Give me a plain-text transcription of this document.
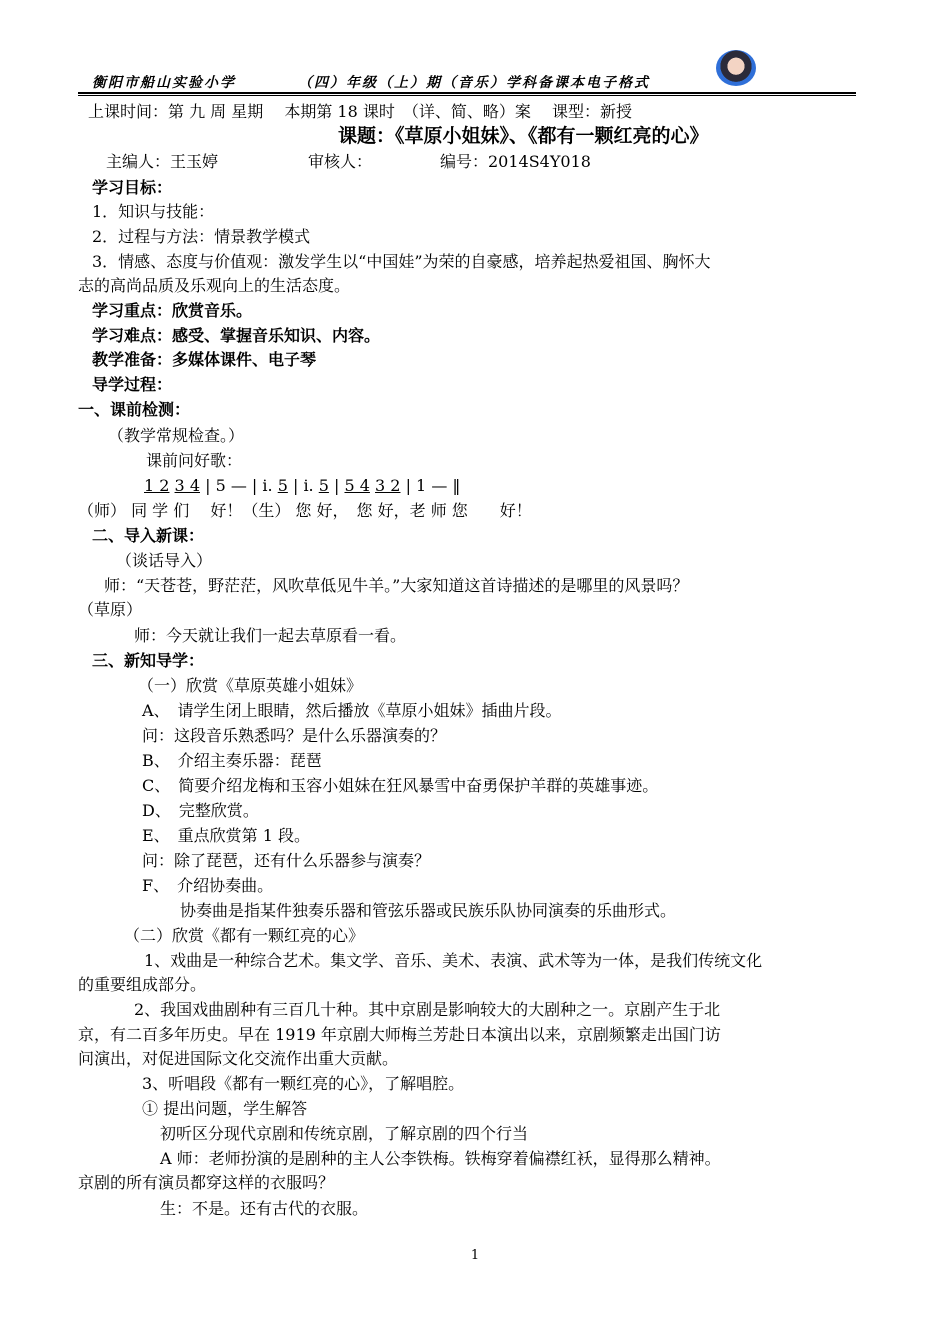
衡阳市船山实验小学	（四）年级（上）期（音乐）学科备课本电子格式
上课时间：第 九 周 星期 　本期第 18 课时　（详、简、略）案　 课型：新授
课题：《草原小姐妹》、《都有一颗红亮的心》
主编人：王玉婷	审核人：	编号：2014S4Y018
学习目标：
1．知识与技能：
2．过程与方法：情景教学模式
3．情感、态度与价值观：激发学生以“中国娃”为荣的自豪感，培养起热爱祖国、胸怀大
志的高尚品质及乐观向上的生活态度。
学习重点：欣赏音乐。
学习难点：感受、掌握音乐知识、内容。
教学准备：多媒体课件、电子琴
导学过程：
一、课前检测：
（教学常规检查。）
课前问好歌：
1 2 3 4 | 5 — | i. 5 | i. 5 | 5 4 3 2 | 1 — ‖
（师） 同 学 们　 好！（生） 您 好，　您 好，老 师 您　　好！
二、导入新课：
（谈话导入）
师：“天苍苍，野茫茫，风吹草低见牛羊。”大家知道这首诗描述的是哪里的风景吗？
（草原）
师：今天就让我们一起去草原看一看。
三、新知导学：
（一）欣赏《草原英雄小姐妹》
A、　请学生闭上眼睛，然后播放《草原小姐妹》插曲片段。
问：这段音乐熟悉吗？是什么乐器演奏的？
B、　介绍主奏乐器：琵琶
C、　简要介绍龙梅和玉容小姐妹在狂风暴雪中奋勇保护羊群的英雄事迹。
D、　完整欣赏。
E、　重点欣赏第 1 段。
问：除了琵琶，还有什么乐器参与演奏？
F、　介绍协奏曲。
协奏曲是指某件独奏乐器和管弦乐器或民族乐队协同演奏的乐曲形式。
（二）欣赏《都有一颗红亮的心》
1、戏曲是一种综合艺术。集文学、音乐、美术、表演、武术等为一体，是我们传统文化
的重要组成部分。
2、我国戏曲剧种有三百几十种。其中京剧是影响较大的大剧种之一。京剧产生于北
京，有二百多年历史。早在 1919 年京剧大师梅兰芳赴日本演出以来，京剧频繁走出国门访
问演出，对促进国际文化交流作出重大贡献。
3、听唱段《都有一颗红亮的心》，了解唱腔。
① 提出问题，学生解答
初听区分现代京剧和传统京剧，了解京剧的四个行当
A 师：老师扮演的是剧种的主人公李铁梅。铁梅穿着偏襟红袄，显得那么精神。
京剧的所有演员都穿这样的衣服吗？
生：不是。还有古代的衣服。
1
